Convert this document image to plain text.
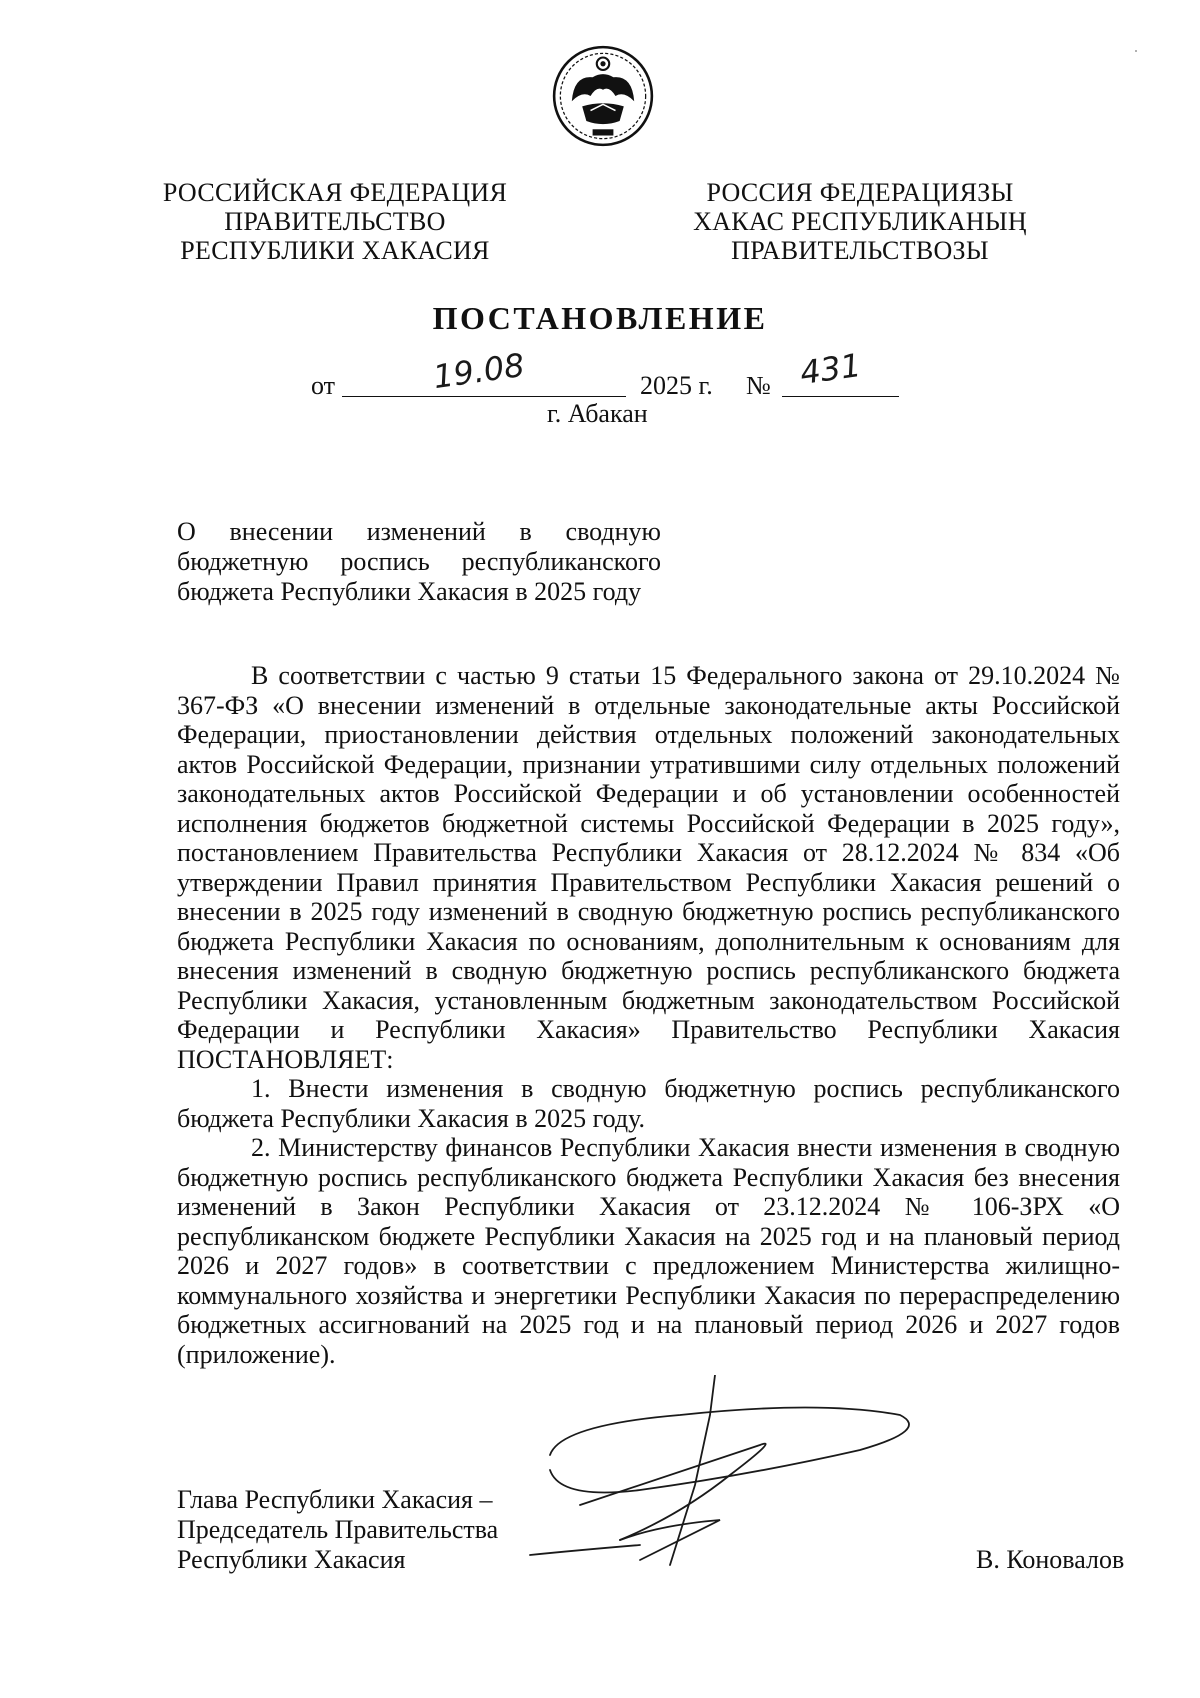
РОССИЙСКАЯ ФЕДЕРАЦИЯ
ПРАВИТЕЛЬСТВО
РЕСПУБЛИКИ ХАКАСИЯ
РОССИЯ ФЕДЕРАЦИЯЗЫ
ХАКАС РЕСПУБЛИКАНЫҢ
ПРАВИТЕЛЬСТВОЗЫ
ПОСТАНОВЛЕНИЕ
от	2025 г. №
19.08	431
г. Абакан
О внесении изменений в сводную
бюджетную роспись республиканского
бюджета Республики Хакасия в 2025 году

В соответствии с частью 9 статьи 15 Федерального закона от 29.10.2024 № 367-ФЗ «О внесении изменений в отдельные законодательные акты Российской Федерации, приостановлении действия отдельных положений законодательных актов Российской Федерации, признании утратившими силу отдельных положений законодательных актов Российской Федерации и об установлении особенностей исполнения бюджетов бюджетной системы Российской Федерации в 2025 году», постановлением Правительства Республики Хакасия от 28.12.2024 № 834 «Об утверждении Правил принятия Правительством Республики Хакасия решений о внесении в 2025 году изменений в сводную бюджетную роспись республиканского бюджета Республики Хакасия по основаниям, дополнительным к основаниям для внесения изменений в сводную бюджетную роспись республиканского бюджета Республики Хакасия, установленным бюджетным законодательством Российской Федерации и Республики Хакасия» Правительство Республики Хакасия ПОСТАНОВЛЯЕТ:

1. Внести изменения в сводную бюджетную роспись республиканского бюджета Республики Хакасия в 2025 году.

2. Министерству финансов Республики Хакасия внести изменения в сводную бюджетную роспись республиканского бюджета Республики Хакасия без внесения изменений в Закон Республики Хакасия от 23.12.2024 № 106-ЗРХ «О республиканском бюджете Республики Хакасия на 2025 год и на плановый период 2026 и 2027 годов» в соответствии с предложением Министерства жилищно-коммунального хозяйства и энергетики Республики Хакасия по перераспределению бюджетных ассигнований на 2025 год и на плановый период 2026 и 2027 годов (приложение).

Глава Республики Хакасия –
Председатель Правительства
Республики Хакасия	В. Коновалов
